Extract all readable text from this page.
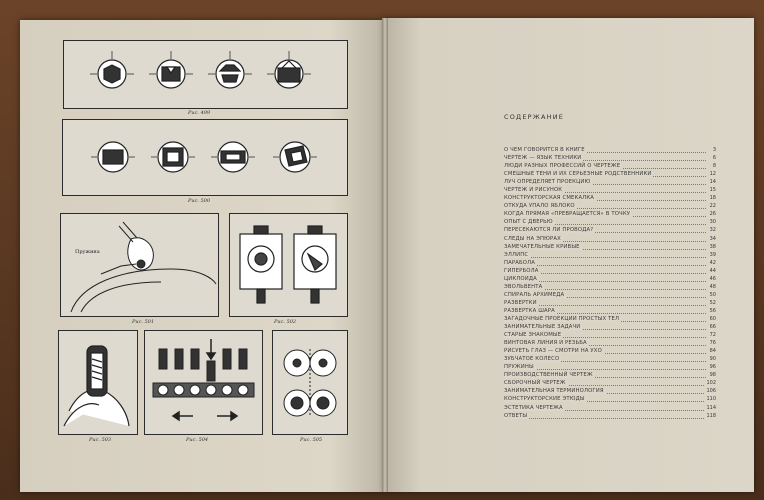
Рис. 499
Рис. 500
Пружина
Рис. 501	Рис. 502
Рис. 503	Рис. 504	Рис. 505
СОДЕРЖАНИЕ
О ЧЕМ ГОВОРИТСЯ В КНИГЕ	3
ЧЕРТЕЖ — ЯЗЫК ТЕХНИКИ	6
ЛЮДИ РАЗНЫХ ПРОФЕССИЙ О ЧЕРТЕЖЕ	8
СМЕШНЫЕ ТЕНИ И ИХ СЕРЬЕЗНЫЕ РОДСТВЕННИКИ	12
ЛУЧ ОПРЕДЕЛЯЕТ ПРОЕКЦИЮ	14
ЧЕРТЕЖ И РИСУНОК	15
КОНСТРУКТОРСКАЯ СМЕКАЛКА	18
ОТКУДА УПАЛО ЯБЛОКО	22
КОГДА ПРЯМАЯ «ПРЕВРАЩАЕТСЯ» В ТОЧКУ	26
ОПЫТ С ДВЕРЬЮ	30
ПЕРЕСЕКАЮТСЯ ЛИ ПРОВОДА?	32
СЛЕДЫ НА ЭПЮРАХ	34
ЗАМЕЧАТЕЛЬНЫЕ КРИВЫЕ	38
ЭЛЛИПС	39
ПАРАБОЛА	42
ГИПЕРБОЛА	44
ЦИКЛОИДА	46
ЭВОЛЬВЕНТА	48
СПИРАЛЬ АРХИМЕДА	50
РАЗВЕРТКИ	52
РАЗВЕРТКА ШАРА	56
ЗАГАДОЧНЫЕ ПРОЕКЦИИ ПРОСТЫХ ТЕЛ	60
ЗАНИМАТЕЛЬНЫЕ ЗАДАЧИ	66
СТАРЫЕ ЗНАКОМЫЕ	72
ВИНТОВАЯ ЛИНИЯ И РЕЗЬБА	76
РИСУЕТЬ ГЛАЗ — СМОТРИ НА УХО	84
ЗУБЧАТОЕ КОЛЕСО	90
ПРУЖИНЫ	96
ПРОИЗВОДСТВЕННЫЙ ЧЕРТЕЖ	98
СБОРОЧНЫЙ ЧЕРТЕЖ	102
ЗАНИМАТЕЛЬНАЯ ТЕРМИНОЛОГИЯ	106
КОНСТРУКТОРСКИЕ ЭТЮДЫ	110
ЭСТЕТИКА ЧЕРТЕЖА	114
ОТВЕТЫ	118
